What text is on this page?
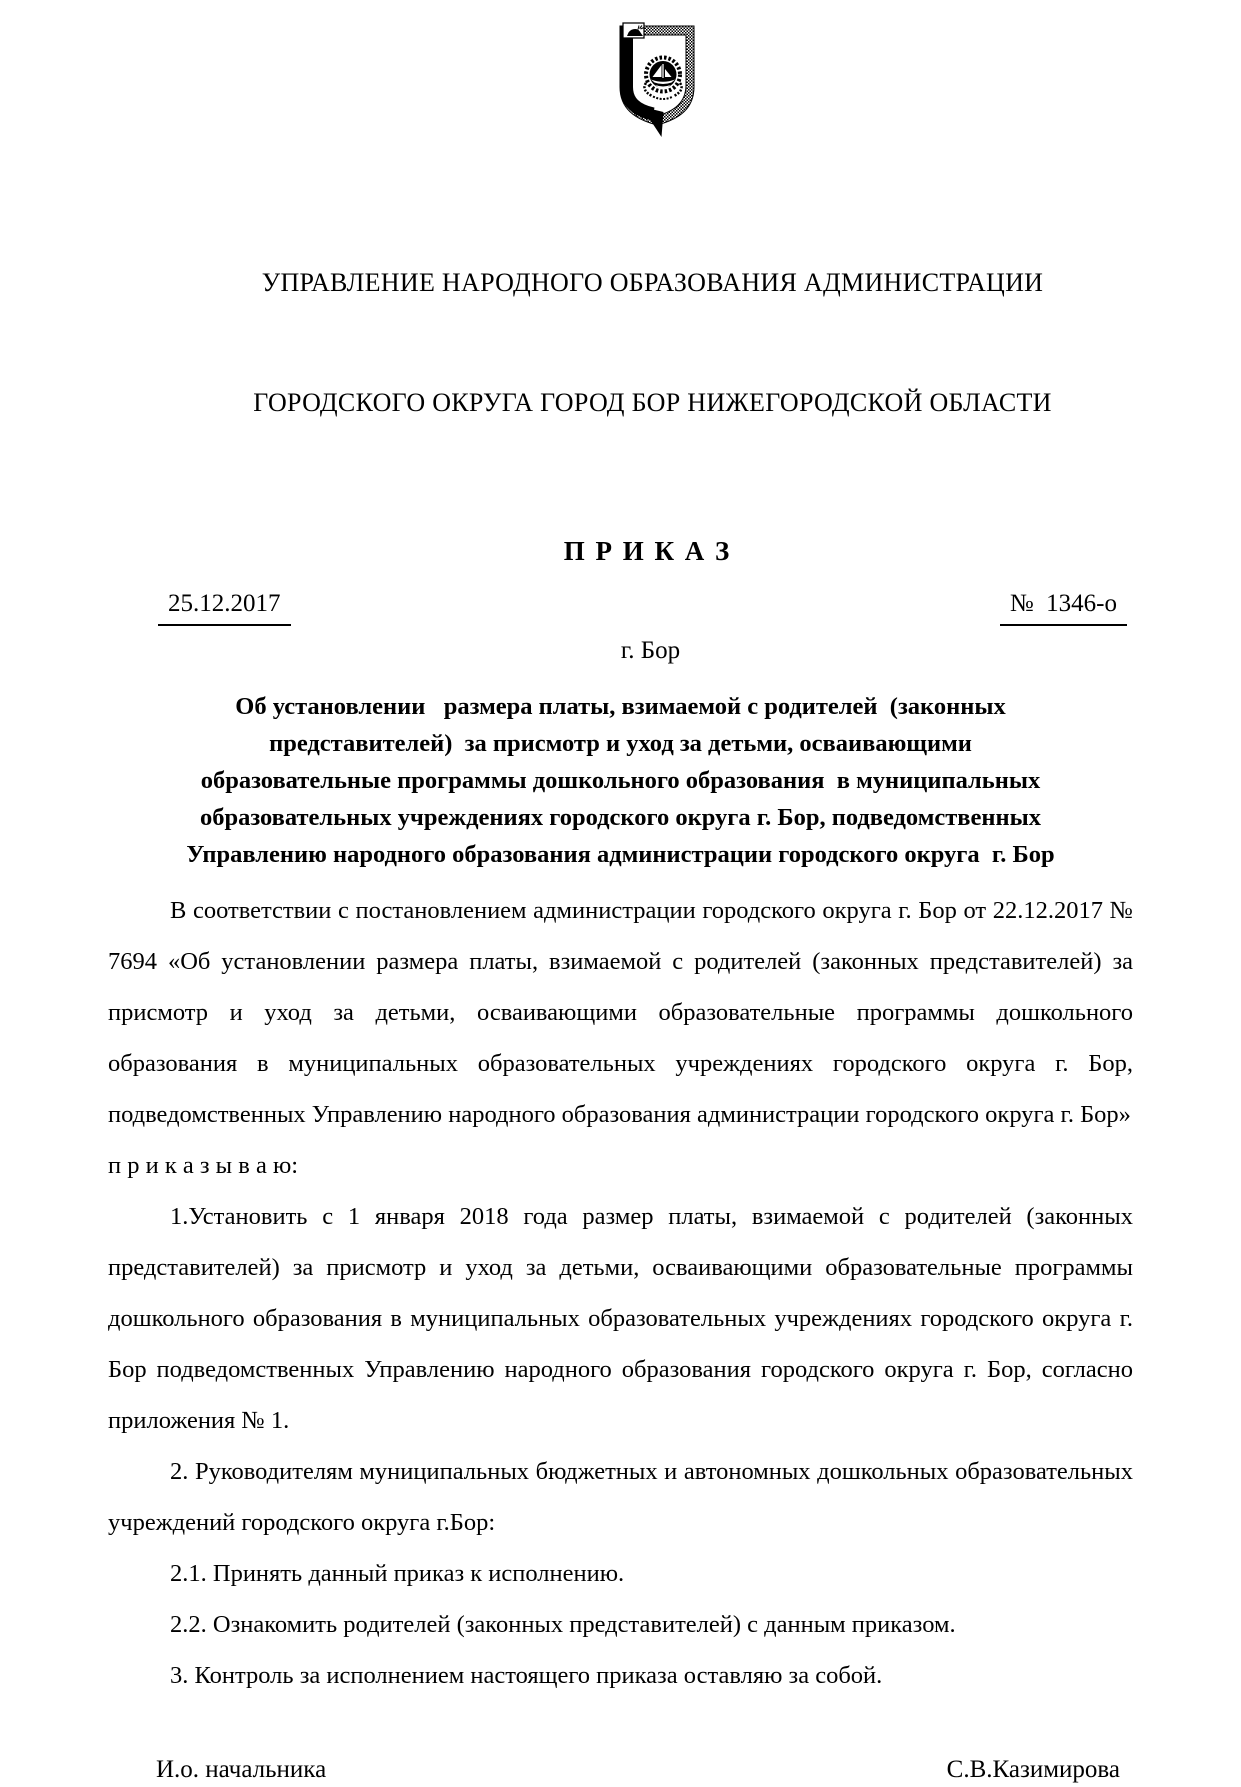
УПРАВЛЕНИЕ НАРОДНОГО ОБРАЗОВАНИЯ АДМИНИСТРАЦИИ

ГОРОДСКОГО ОКРУГА ГОРОД БОР НИЖЕГОРОДСКОЙ ОБЛАСТИ

П Р И К А З
25.12.2017	№  1346-о
г. Бор
Об установлении   размера платы, взимаемой с родителей  (законных
представителей)  за присмотр и уход за детьми, осваивающими
образовательные программы дошкольного образования  в муниципальных
образовательных учреждениях городского округа г. Бор, подведомственных
Управлению народного образования администрации городского округа  г. Бор

В соответствии с постановлением администрации городского округа г. Бор от 22.12.2017 № 7694 «Об установлении размера платы, взимаемой с родителей (законных представителей) за присмотр и уход за детьми, осваивающими образовательные программы дошкольного образования в муниципальных образовательных учреждениях городского округа г. Бор, подведомственных Управлению народного образования администрации городского округа г. Бор»

п р и к а з ы в а ю:

1.Установить с 1 января 2018 года размер платы, взимаемой с родителей (законных представителей) за присмотр и уход за детьми, осваивающими образовательные программы дошкольного образования в муниципальных образовательных учреждениях городского округа г. Бор подведомственных Управлению народного образования городского округа г. Бор, согласно приложения № 1.

2. Руководителям муниципальных бюджетных и автономных дошкольных образовательных учреждений городского округа г.Бор:

2.1. Принять данный приказ к исполнению.

2.2. Ознакомить родителей (законных представителей) с данным приказом.

3. Контроль за исполнением настоящего приказа оставляю за собой.

И.о. начальника	С.В.Казимирова
